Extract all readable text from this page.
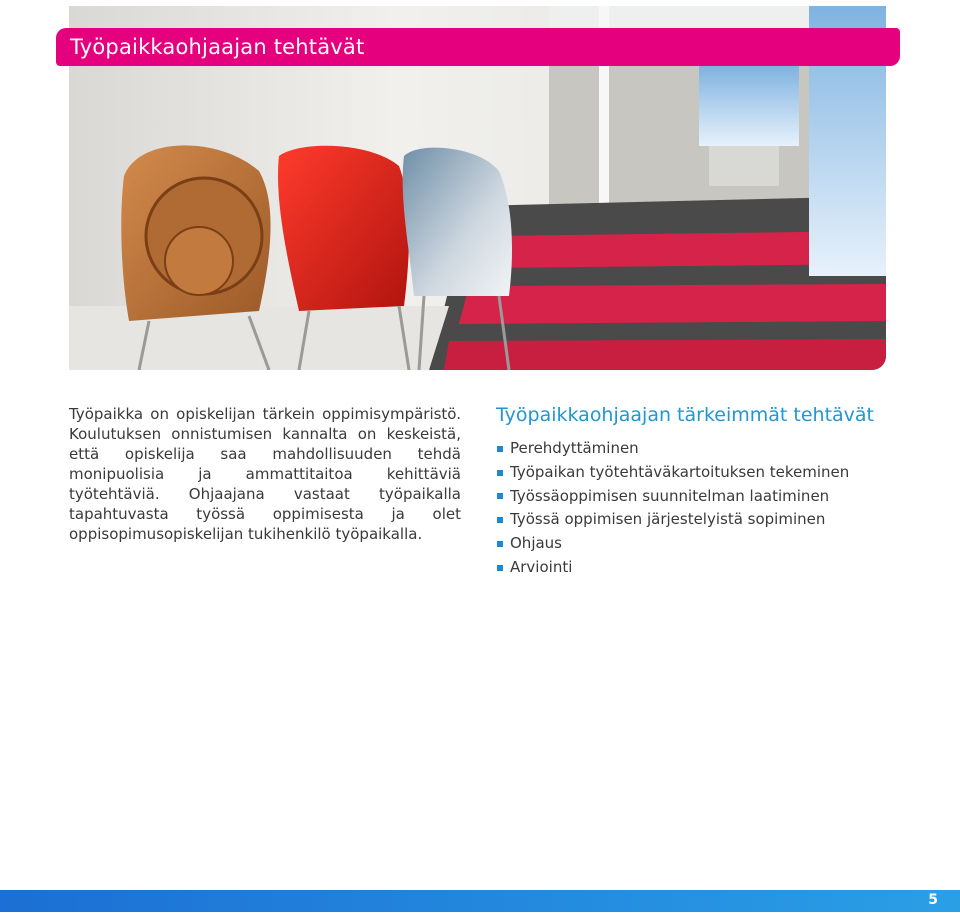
Työpaikkaohjaajan tehtävät

Työpaikka on opiskelijan tärkein oppimisympäristö. Koulutuksen onnistumisen kannalta on keskeistä, että opiskelija saa mahdollisuuden tehdä monipuolisia ja ammattitaitoa kehittäviä työtehtäviä. Ohjaajana vastaat työpaikalla tapahtuvasta työssä oppimisesta ja olet oppisopimusopiskelijan tukihenkilö työpaikalla.

Työpaikkaohjaajan tärkeimmät tehtävät
Perehdyttäminen
Työpaikan työtehtäväkartoituksen tekeminen
Työssäoppimisen suunnitelman laatiminen
Työssä oppimisen järjestelyistä sopiminen
Ohjaus
Arviointi
5
